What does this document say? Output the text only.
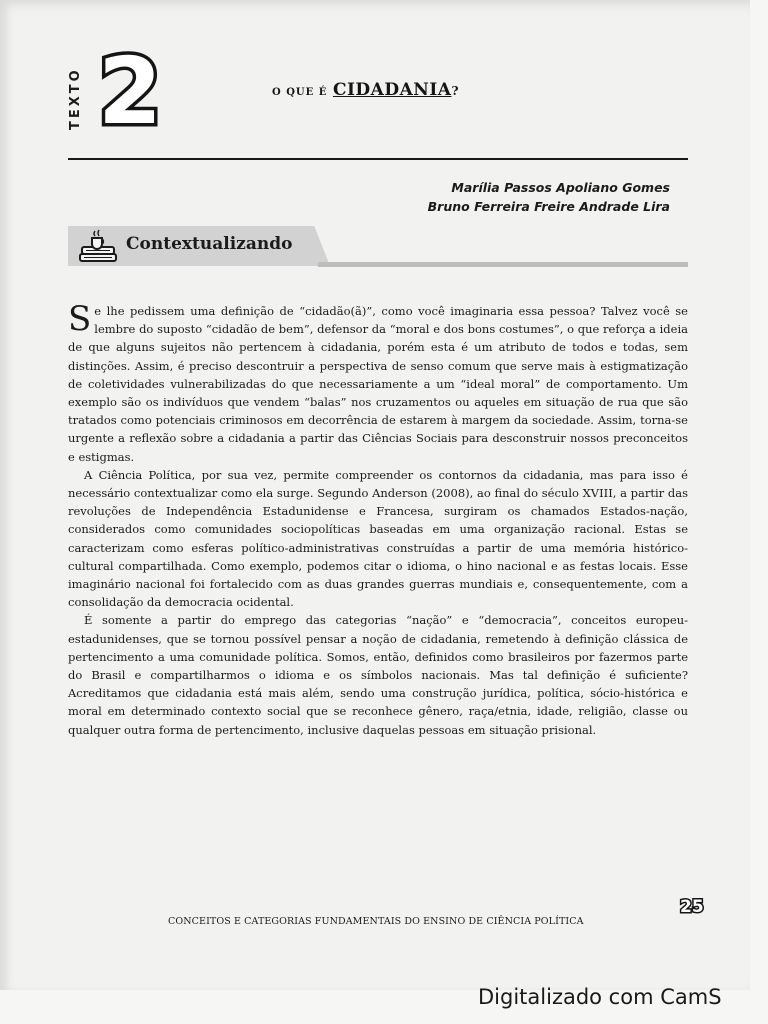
TEXTO 2	O QUE É CIDADANIA?
Marília Passos Apoliano Gomes
Bruno Ferreira Freire Andrade Lira
Contextualizando

Se lhe pedissem uma definição de “cidadão(ã)”, como você imaginaria essa pessoa? Talvez você se lembre do suposto “cidadão de bem”, defensor da “moral e dos bons costumes”, o que reforça a ideia de que alguns sujeitos não pertencem à cidadania, porém esta é um atributo de todos e todas, sem distinções. Assim, é preciso descontruir a perspectiva de senso comum que serve mais à estigmatização de coletividades vulnerabilizadas do que necessariamente a um “ideal moral” de comportamento. Um exemplo são os indivíduos que vendem “balas” nos cruzamentos ou aqueles em situação de rua que são tratados como potenciais criminosos em decorrência de estarem à margem da sociedade. Assim, torna-se urgente a reflexão sobre a cidadania a partir das Ciências Sociais para desconstruir nossos preconceitos e estigmas.

A Ciência Política, por sua vez, permite compreender os contornos da cidadania, mas para isso é necessário contextualizar como ela surge. Segundo Anderson (2008), ao final do século XVIII, a partir das revoluções de Independência Estadunidense e Francesa, surgiram os chamados Estados-nação, considerados como comunidades sociopolíticas baseadas em uma organização racional. Estas se caracterizam como esferas político-administrativas construídas a partir de uma memória histórico-cultural compartilhada. Como exemplo, podemos citar o idioma, o hino nacional e as festas locais. Esse imaginário nacional foi fortalecido com as duas grandes guerras mundiais e, consequentemente, com a consolidação da democracia ocidental.

É somente a partir do emprego das categorias “nação” e “democracia”, conceitos europeu-estadunidenses, que se tornou possível pensar a noção de cidadania, remetendo à definição clássica de pertencimento a uma comunidade política. Somos, então, definidos como brasileiros por fazermos parte do Brasil e compartilharmos o idioma e os símbolos nacionais. Mas tal definição é suficiente? Acreditamos que cidadania está mais além, sendo uma construção jurídica, política, sócio-histórica e moral em determinado contexto social que se reconhece gênero, raça/etnia, idade, religião, classe ou qualquer outra forma de pertencimento, inclusive daquelas pessoas em situação prisional.

25
CONCEITOS E CATEGORIAS FUNDAMENTAIS DO ENSINO DE CIÊNCIA POLÍTICA
Digitalizado com CamS
